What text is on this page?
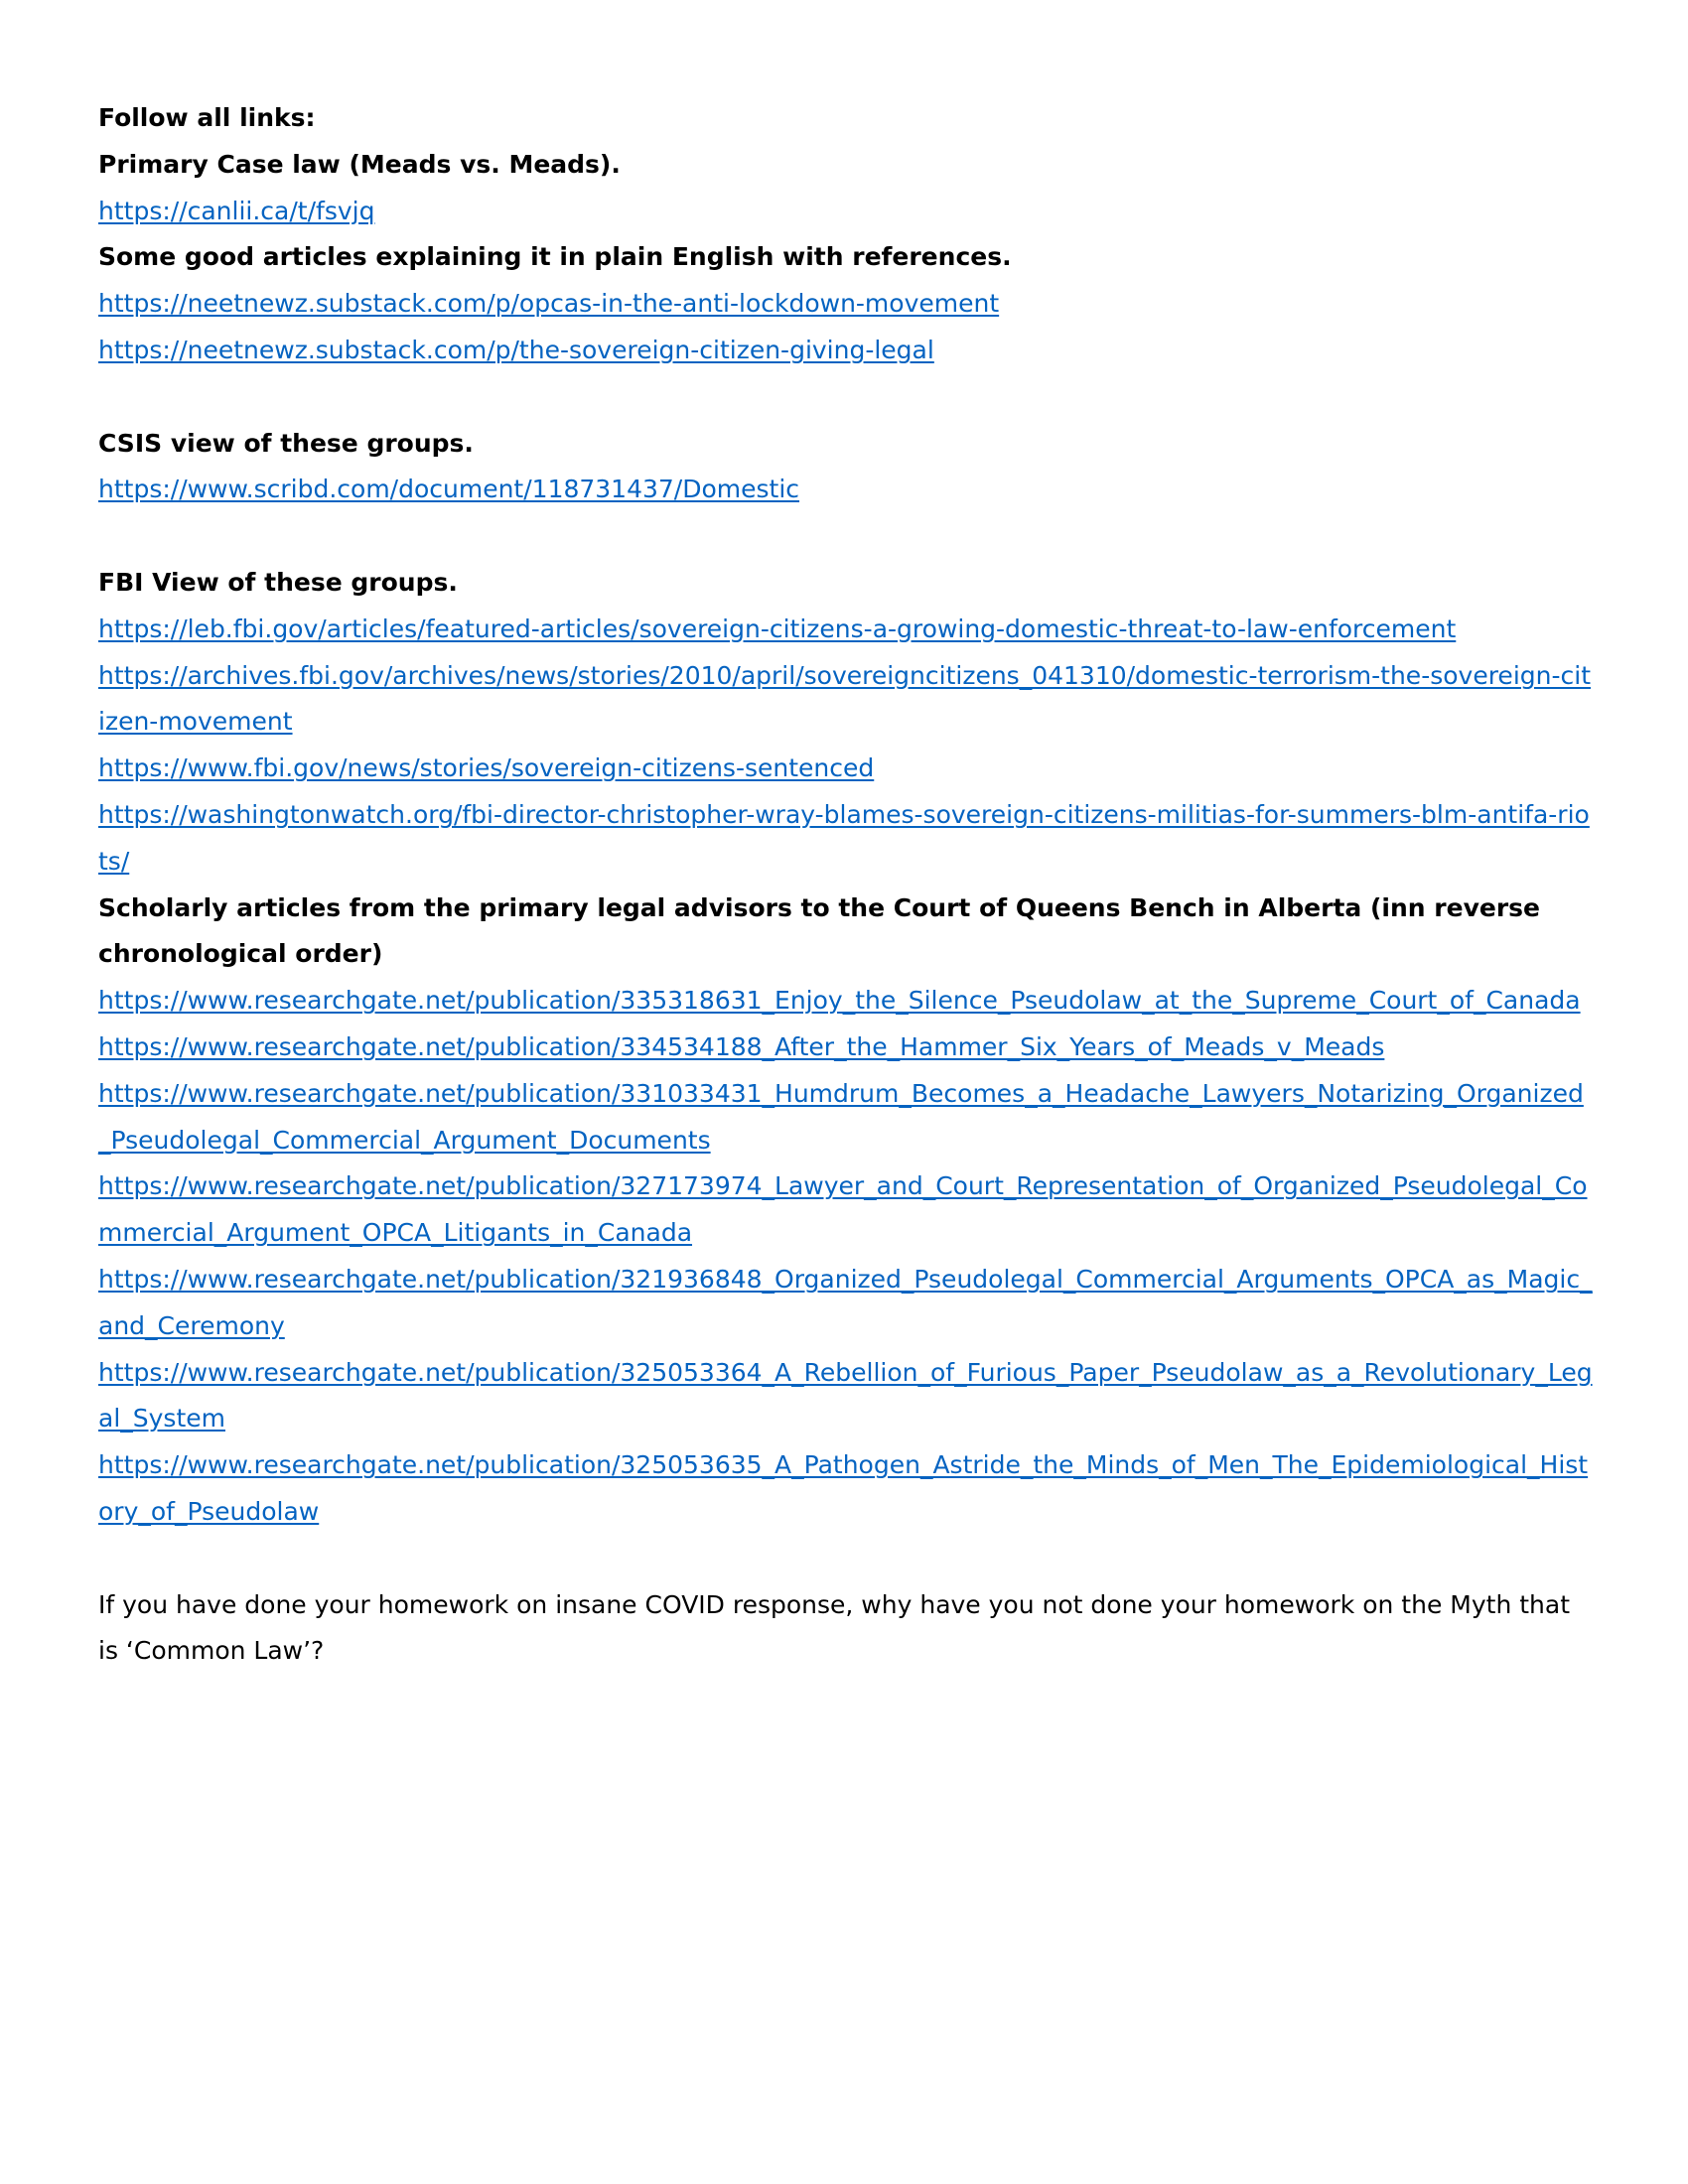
Follow all links:

Primary Case law (Meads vs. Meads).

https://canlii.ca/t/fsvjq

Some good articles explaining it in plain English with references.

https://neetnewz.substack.com/p/opcas-in-the-anti-lockdown-movement

https://neetnewz.substack.com/p/the-sovereign-citizen-giving-legal

CSIS view of these groups.

https://www.scribd.com/document/118731437/Domestic

FBI View of these groups.

https://leb.fbi.gov/articles/featured-articles/sovereign-citizens-a-growing-domestic-threat-to-law-enforcement

https://archives.fbi.gov/archives/news/stories/2010/april/sovereigncitizens_041310/domestic-terrorism-the-sovereign-citizen-movement

https://www.fbi.gov/news/stories/sovereign-citizens-sentenced

https://washingtonwatch.org/fbi-director-christopher-wray-blames-sovereign-citizens-militias-for-summers-blm-antifa-riots/

Scholarly articles from the primary legal advisors to the Court of Queens Bench in Alberta (inn reverse chronological order)

https://www.researchgate.net/publication/335318631_Enjoy_the_Silence_Pseudolaw_at_the_Supreme_Court_of_Canada

https://www.researchgate.net/publication/334534188_After_the_Hammer_Six_Years_of_Meads_v_Meads

https://www.researchgate.net/publication/331033431_Humdrum_Becomes_a_Headache_Lawyers_Notarizing_Organized_Pseudolegal_Commercial_Argument_Documents

https://www.researchgate.net/publication/327173974_Lawyer_and_Court_Representation_of_Organized_Pseudolegal_Commercial_Argument_OPCA_Litigants_in_Canada

https://www.researchgate.net/publication/321936848_Organized_Pseudolegal_Commercial_Arguments_OPCA_as_Magic_and_Ceremony

https://www.researchgate.net/publication/325053364_A_Rebellion_of_Furious_Paper_Pseudolaw_as_a_Revolutionary_Legal_System

https://www.researchgate.net/publication/325053635_A_Pathogen_Astride_the_Minds_of_Men_The_Epidemiological_History_of_Pseudolaw

If you have done your homework on insane COVID response, why have you not done your homework on the Myth that is ‘Common Law’?
